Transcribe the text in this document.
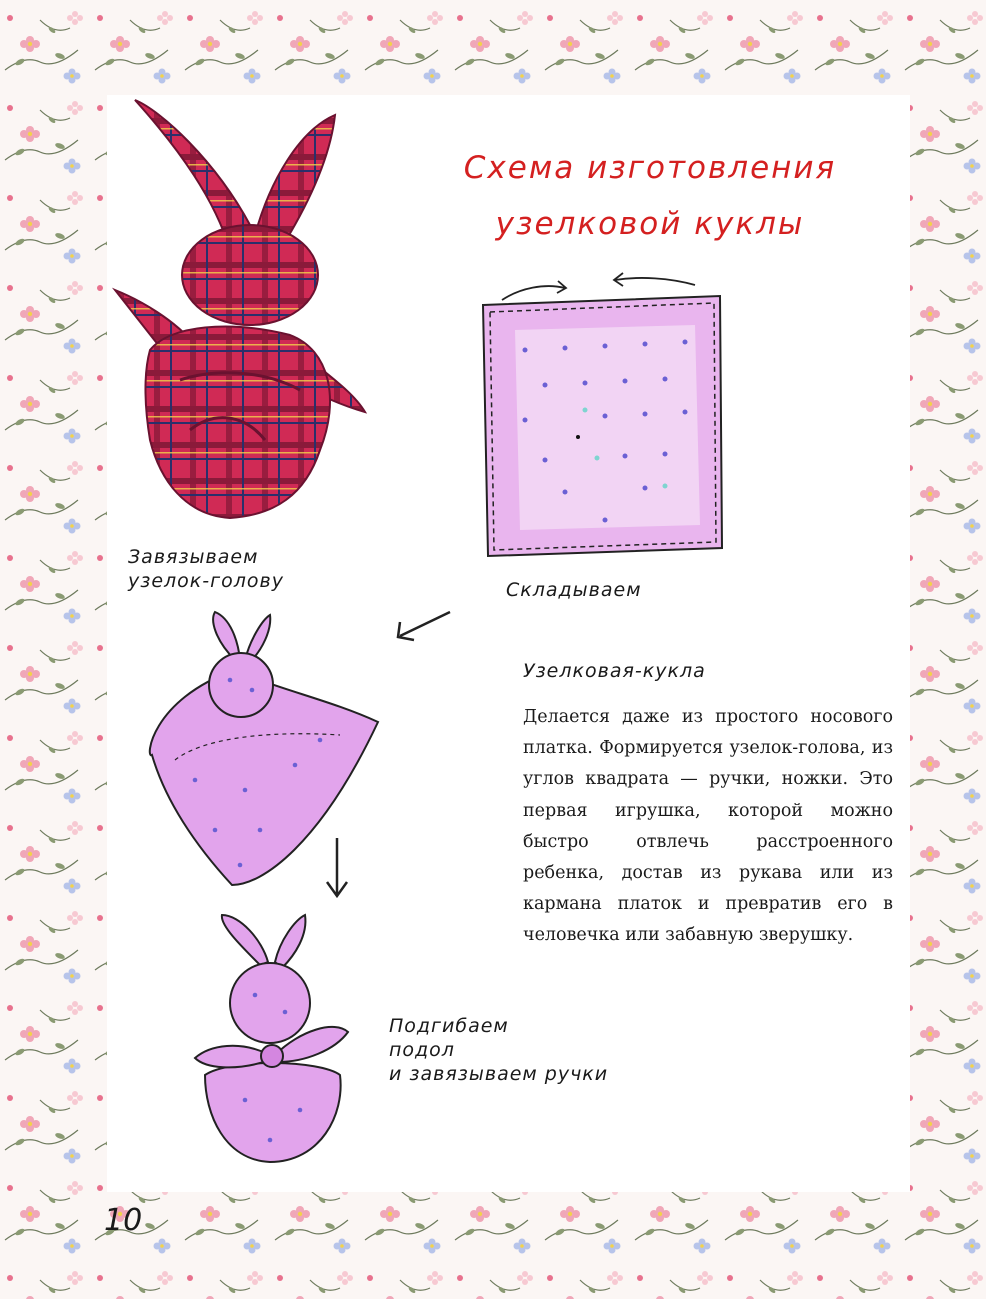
Схема изготовления
узелковой куклы
Завязываем
узелок-голову	Складываем
Подгибаем
подол
и завязываем ручки
Узелковая-кукла
Делается даже из простого носового платка. Формируется узелок-голова, из углов квадрата — ручки, ножки. Это первая игрушка, которой можно быстро отвлечь расстроенного ребенка, достав из рукава или из кармана платок и превратив его в человечка или забавную зверушку.
10
